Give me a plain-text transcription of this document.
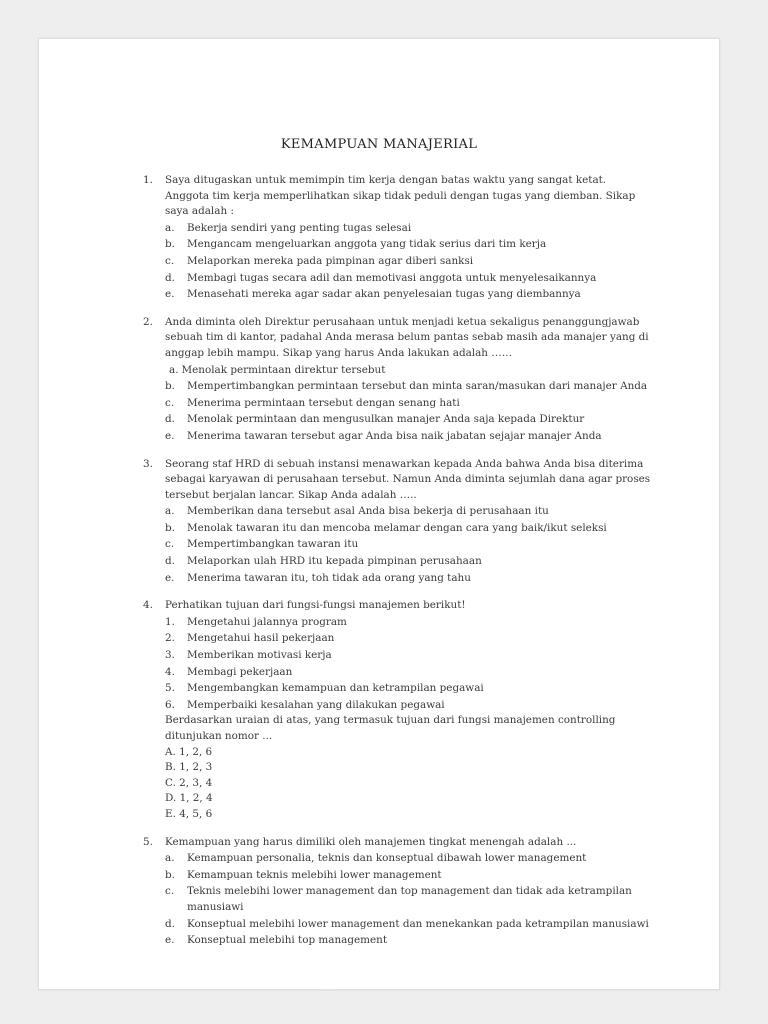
KEMAMPUAN MANAJERIAL
1.	Saya ditugaskan untuk memimpin tim kerja dengan batas waktu yang sangat ketat. Anggota tim kerja memperlihatkan sikap tidak peduli dengan tugas yang diemban. Sikap saya adalah :
a.	Bekerja sendiri yang penting tugas selesai
b.	Mengancam mengeluarkan anggota yang tidak serius dari tim kerja
c.	Melaporkan mereka pada pimpinan agar diberi sanksi
d.	Membagi tugas secara adil dan memotivasi anggota untuk menyelesaikannya
e.	Menasehati mereka agar sadar akan penyelesaian tugas yang diembannya
2.	Anda diminta oleh Direktur perusahaan untuk menjadi ketua sekaligus penanggungjawab sebuah tim di kantor, padahal Anda merasa belum pantas sebab masih ada manajer yang di anggap lebih mampu. Sikap yang harus Anda lakukan adalah ……
a. Menolak permintaan direktur tersebut
b.	Mempertimbangkan permintaan tersebut dan minta saran/masukan dari manajer Anda
c.	Menerima permintaan tersebut dengan senang hati
d.	Menolak permintaan dan mengusulkan manajer Anda saja kepada Direktur
e.	Menerima tawaran tersebut agar Anda bisa naik jabatan sejajar manajer Anda
3.	Seorang staf HRD di sebuah instansi menawarkan kepada Anda bahwa Anda bisa diterima sebagai karyawan di perusahaan tersebut. Namun Anda diminta sejumlah dana agar proses tersebut berjalan lancar. Sikap Anda adalah …..
a.	Memberikan dana tersebut asal Anda bisa bekerja di perusahaan itu
b.	Menolak tawaran itu dan mencoba melamar dengan cara yang baik/ikut seleksi
c.	Mempertimbangkan tawaran itu
d.	Melaporkan ulah HRD itu kepada pimpinan perusahaan
e.	Menerima tawaran itu, toh tidak ada orang yang tahu
4.	Perhatikan tujuan dari fungsi-fungsi manajemen berikut!
1.	Mengetahui jalannya program
2.	Mengetahui hasil pekerjaan
3.	Memberikan motivasi kerja
4.	Membagi pekerjaan
5.	Mengembangkan kemampuan dan ketrampilan pegawai
6.	Memperbaiki kesalahan yang dilakukan pegawai
Berdasarkan uraian di atas, yang termasuk tujuan dari fungsi manajemen controlling ditunjukan nomor ...
A. 1, 2, 6
B. 1, 2, 3
C. 2, 3, 4
D. 1, 2, 4
E. 4, 5, 6
5.	Kemampuan yang harus dimiliki oleh manajemen tingkat menengah adalah ...
a.	Kemampuan personalia, teknis dan konseptual dibawah lower management
b.	Kemampuan teknis melebihi lower management
c.	Teknis melebihi lower management dan top management dan tidak ada ketrampilan manusiawi
d.	Konseptual melebihi lower management dan menekankan pada ketrampilan manusiawi
e.	Konseptual melebihi top management
